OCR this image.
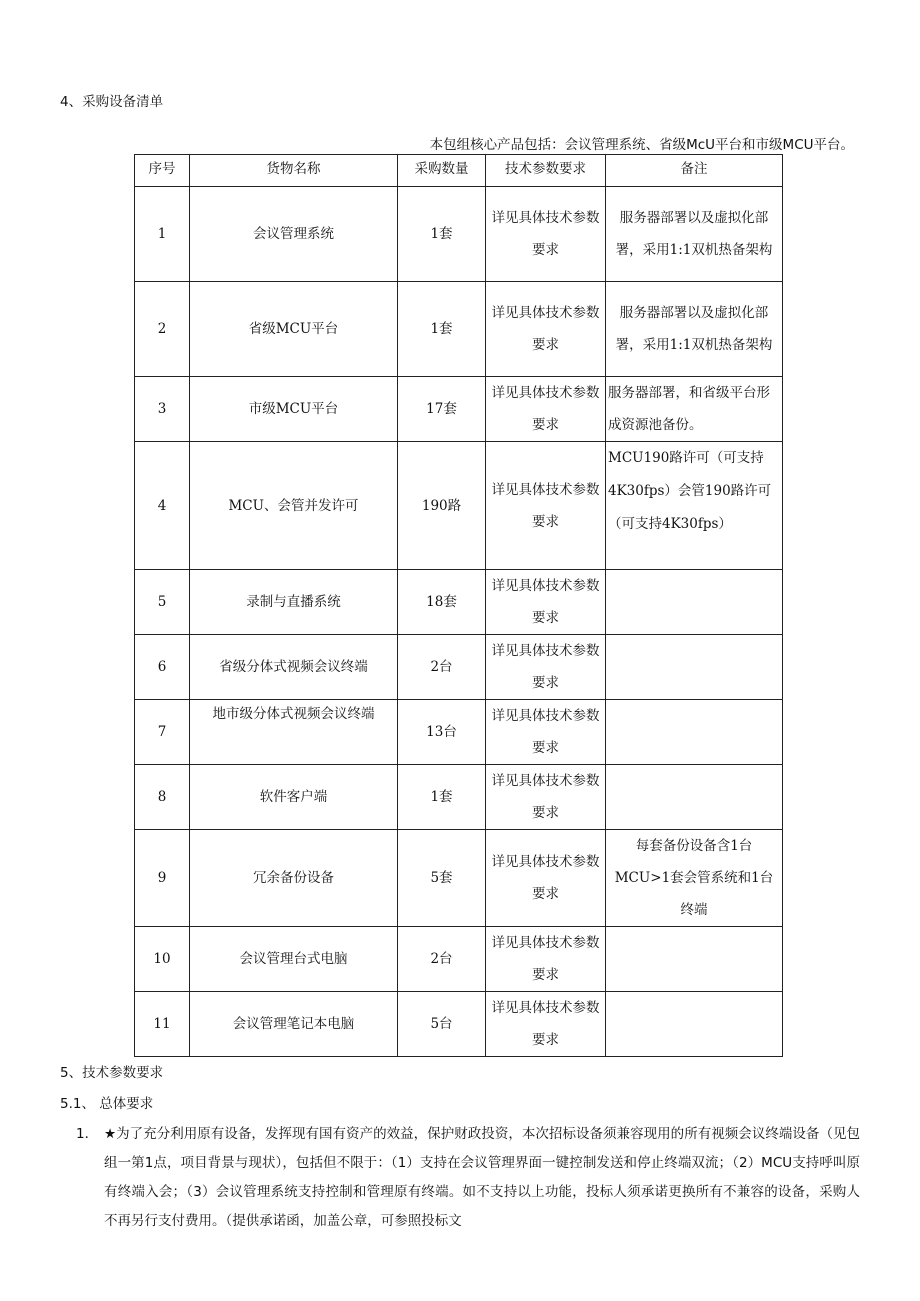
4、采购设备清单
本包组核心产品包括：会议管理系统、省级McU平台和市级MCU平台。
序号	货物名称	采购数量	技术参数要求	备注
1	会议管理系统	1套	详见具体技术参数要求	服务器部署以及虚拟化部署，采用1:1双机热备架构
2	省级MCU平台	1套	详见具体技术参数要求	服务器部署以及虚拟化部署，采用1:1双机热备架构
3	市级MCU平台	17套	详见具体技术参数要求	服务器部署，和省级平台形成资源池备份。
4	MCU、会管并发许可	190路	详见具体技术参数要求	MCU190路许可（可支持4K30fps）会管190路许可（可支持4K30fps）
5	录制与直播系统	18套	详见具体技术参数要求	
6	省级分体式视频会议终端	2台	详见具体技术参数要求	
7	地市级分体式视频会议终端	13台	详见具体技术参数要求	
8	软件客户端	1套	详见具体技术参数要求	
9	冗余备份设备	5套	详见具体技术参数要求	每套备份设备含1台MCU>1套会管系统和1台终端
10	会议管理台式电脑	2台	详见具体技术参数要求	
11	会议管理笔记本电脑	5台	详见具体技术参数要求	
5、技术参数要求
5.1、 总体要求
1． ★为了充分利用原有设备，发挥现有国有资产的效益，保护财政投资，本次招标设备须兼容现用的所有视频会议终端设备（见包组一第1点，项目背景与现状），包括但不限于：（1）支持在会议管理界面一键控制发送和停止终端双流；（2）MCU支持呼叫原有终端入会；（3）会议管理系统支持控制和管理原有终端。如不支持以上功能，投标人须承诺更换所有不兼容的设备，采购人不再另行支付费用。（提供承诺函，加盖公章，可参照投标文
